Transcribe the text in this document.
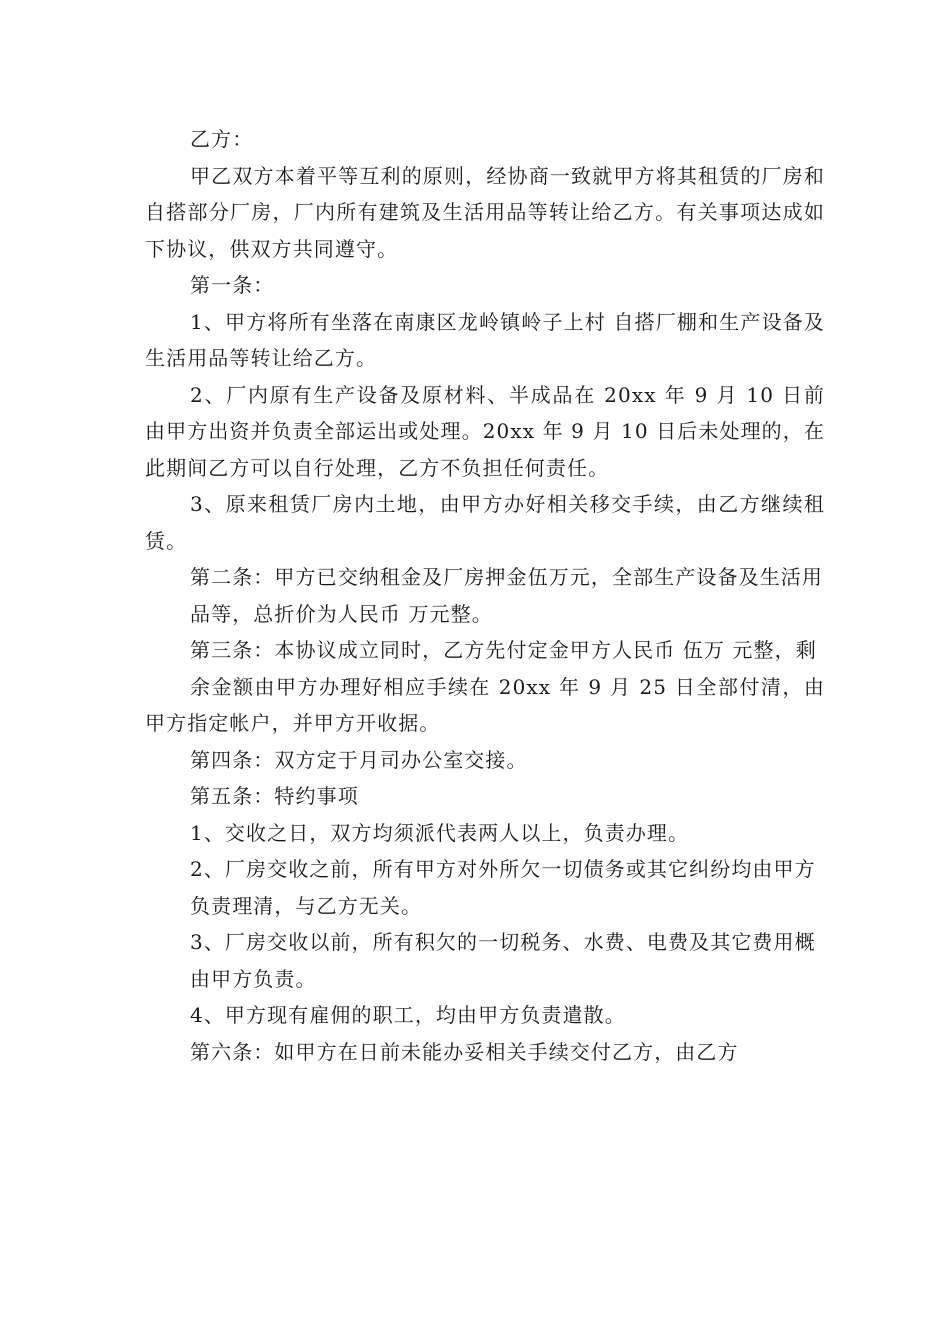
乙方：

甲乙双方本着平等互利的原则，经协商一致就甲方将其租赁的厂房和自搭部分厂房，厂内所有建筑及生活用品等转让给乙方。有关事项达成如下协议，供双方共同遵守。

第一条：

1、甲方将所有坐落在南康区龙岭镇岭子上村 自搭厂棚和生产设备及生活用品等转让给乙方。

2、厂内原有生产设备及原材料、半成品在 20xx 年 9 月 10 日前由甲方出资并负责全部运出或处理。20xx 年 9 月 10 日后未处理的，在此期间乙方可以自行处理，乙方不负担任何责任。

3、原来租赁厂房内土地，由甲方办好相关移交手续，由乙方继续租赁。

第二条：甲方已交纳租金及厂房押金伍万元，全部生产设备及生活用

品等，总折价为人民币 万元整。

第三条：本协议成立同时，乙方先付定金甲方人民币 伍万 元整，剩

余金额由甲方办理好相应手续在 20xx 年 9 月 25 日全部付清，由甲方指定帐户，并甲方开收据。

第四条：双方定于月司办公室交接。

第五条：特约事项

1、交收之日，双方均须派代表两人以上，负责办理。

2、厂房交收之前，所有甲方对外所欠一切债务或其它纠纷均由甲方

负责理清，与乙方无关。

3、厂房交收以前，所有积欠的一切税务、水费、电费及其它费用概

由甲方负责。

4、甲方现有雇佣的职工，均由甲方负责遣散。

第六条：如甲方在日前未能办妥相关手续交付乙方，由乙方
